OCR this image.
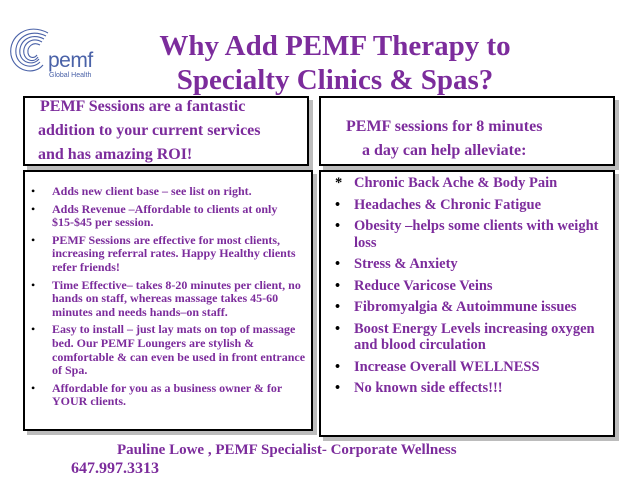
pemf
Global Health
Why Add PEMF Therapy to
Specialty Clinics & Spas?
PEMF Sessions are a fantastic
addition to your current services
and has amazing ROI!
PEMF sessions for 8 minutes
a day can help alleviate:
• Adds new client base – see list on right.
• Adds Revenue –Affordable to clients at only $15-$45 per session.
• PEMF Sessions are effective for most clients, increasing referral rates. Happy Healthy clients refer friends!
• Time Effective– takes 8-20 minutes per client, no hands on staff, whereas massage takes 45-60 minutes and needs hands–on staff.
• Easy to install – just lay mats on top of massage bed. Our PEMF Loungers are stylish & comfortable & can even be used in front entrance of Spa.
• Affordable for you as a business owner & for YOUR clients.
* Chronic Back Ache & Body Pain
• Headaches & Chronic Fatigue
• Obesity –helps some clients with weight loss
• Stress & Anxiety
• Reduce Varicose Veins
• Fibromyalgia & Autoimmune issues
• Boost Energy Levels increasing oxygen and blood circulation
• Increase Overall WELLNESS
• No known side effects!!!
Pauline Lowe , PEMF Specialist- Corporate Wellness
647.997.3313
